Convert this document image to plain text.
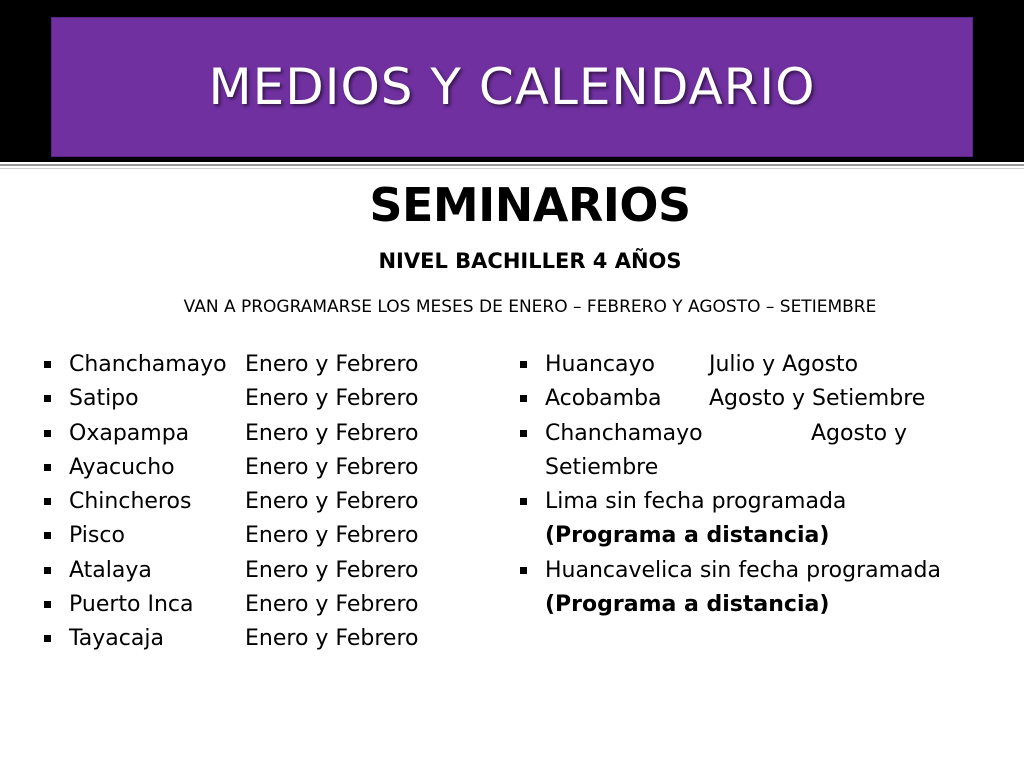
MEDIOS Y CALENDARIO
SEMINARIOS
NIVEL BACHILLER 4 AÑOS

VAN A PROGRAMARSE LOS MESES DE ENERO – FEBRERO Y AGOSTO – SETIEMBRE

Chanchamayo Enero y Febrero
Satipo	Enero y Febrero
Oxapampa	Enero y Febrero
Ayacucho	Enero y Febrero
Chincheros Enero y Febrero
Pisco	Enero y Febrero
Atalaya	Enero y Febrero
Puerto Inca Enero y Febrero
Tayacaja	Enero y Febrero
Huancayo Julio y Agosto
Acobamba Agosto y Setiembre
Chanchamayo	Agosto y
Setiembre
Lima sin fecha programada
(Programa a distancia)
Huancavelica sin fecha programada
(Programa a distancia)
